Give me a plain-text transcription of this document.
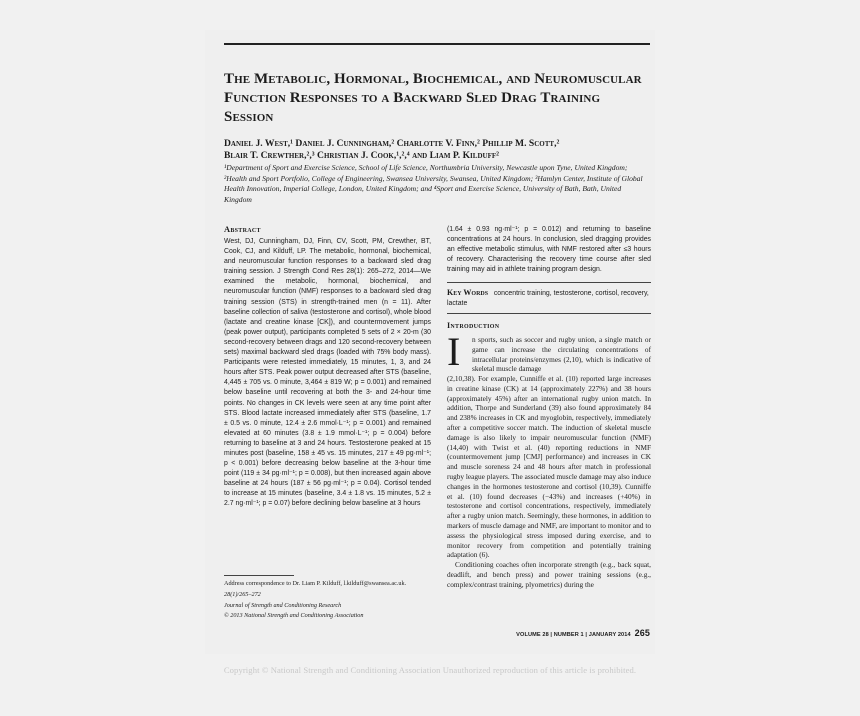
The Metabolic, Hormonal, Biochemical, and Neuromuscular Function Responses to a Backward Sled Drag Training Session
Daniel J. West,¹ Daniel J. Cunningham,² Charlotte V. Finn,² Phillip M. Scott,²
Blair T. Crewther,²,³ Christian J. Cook,¹,²,⁴ and Liam P. Kilduff²
¹Department of Sport and Exercise Science, School of Life Science, Northumbria University, Newcastle upon Tyne, United Kingdom; ²Health and Sport Portfolio, College of Engineering, Swansea University, Swansea, United Kingdom; ³Hamlyn Center, Institute of Global Health Innovation, Imperial College, London, United Kingdom; and ⁴Sport and Exercise Science, University of Bath, Bath, United Kingdom
Abstract
West, DJ, Cunningham, DJ, Finn, CV, Scott, PM, Crewther, BT, Cook, CJ, and Kilduff, LP. The metabolic, hormonal, biochemical, and neuromuscular function responses to a backward sled drag training session. J Strength Cond Res 28(1): 265–272, 2014—We examined the metabolic, hormonal, biochemical, and neuromuscular function (NMF) responses to a backward sled drag training session (STS) in strength-trained men (n = 11). After baseline collection of saliva (testosterone and cortisol), whole blood (lactate and creatine kinase [CK]), and countermovement jumps (peak power output), participants completed 5 sets of 2 × 20-m (30 second-recovery between drags and 120 second-recovery between sets) maximal backward sled drags (loaded with 75% body mass). Participants were retested immediately, 15 minutes, 1, 3, and 24 hours after STS. Peak power output decreased after STS (baseline, 4,445 ± 705 vs. 0 minute, 3,464 ± 819 W; p = 0.001) and remained below baseline until recovering at both the 3- and 24-hour time points. No changes in CK levels were seen at any time point after STS. Blood lactate increased immediately after STS (baseline, 1.7 ± 0.5 vs. 0 minute, 12.4 ± 2.6 mmol·L⁻¹; p = 0.001) and remained elevated at 60 minutes (3.8 ± 1.9 mmol·L⁻¹; p = 0.004) before returning to baseline at 3 and 24 hours. Testosterone peaked at 15 minutes post (baseline, 158 ± 45 vs. 15 minutes, 217 ± 49 pg·ml⁻¹; p < 0.001) before decreasing below baseline at the 3-hour time point (119 ± 34 pg·ml⁻¹; p = 0.008), but then increased again above baseline at 24 hours (187 ± 56 pg·ml⁻¹; p = 0.04). Cortisol tended to increase at 15 minutes (baseline, 3.4 ± 1.8 vs. 15 minutes, 5.2 ± 2.7 ng·ml⁻¹; p = 0.07) before declining below baseline at 3 hours
(1.64 ± 0.93 ng·ml⁻¹; p = 0.012) and returning to baseline concentrations at 24 hours. In conclusion, sled dragging provides an effective metabolic stimulus, with NMF restored after ≤3 hours of recovery. Characterising the recovery time course after sled training may aid in athlete training program design.
Key Words concentric training, testosterone, cortisol, recovery, lactate
Introduction
I n sports, such as soccer and rugby union, a single match or game can increase the circulating concentrations of intracellular proteins/enzymes (2,10), which is indicative of skeletal muscle damage

(2,10,38). For example, Cunniffe et al. (10) reported large increases in creatine kinase (CK) at 14 (approximately 227%) and 38 hours (approximately 45%) after an international rugby union match. In addition, Thorpe and Sunderland (39) also found approximately 84 and 238% increases in CK and myoglobin, respectively, immediately after a competitive soccer match. The induction of skeletal muscle damage is also likely to impair neuromuscular function (NMF) (14,40) with Twist et al. (40) reporting reductions in NMF (countermovement jump [CMJ] performance) and increases in CK and muscle soreness 24 and 48 hours after match in professional rugby league players. The associated muscle damage may also induce changes in the hormones testosterone and cortisol (10,39). Cunniffe et al. (10) found decreases (−43%) and increases (+40%) in testosterone and cortisol concentrations, respectively, immediately after a rugby union match. Seemingly, these hormones, in addition to markers of muscle damage and NMF, are important to monitor and to assess the physiological stress imposed during exercise, and to monitor recovery from competition and potentially training adaptation (6).

Conditioning coaches often incorporate strength (e.g., back squat, deadlift, and bench press) and power training sessions (e.g., complex/contrast training, plyometrics) during the

Address correspondence to Dr. Liam P. Kilduff, l.kilduff@swansea.ac.uk.
28(1)/265–272
Journal of Strength and Conditioning Research
© 2013 National Strength and Conditioning Association
VOLUME 28 | NUMBER 1 | JANUARY 2014 265
Copyright © National Strength and Conditioning Association Unauthorized reproduction of this article is prohibited.
